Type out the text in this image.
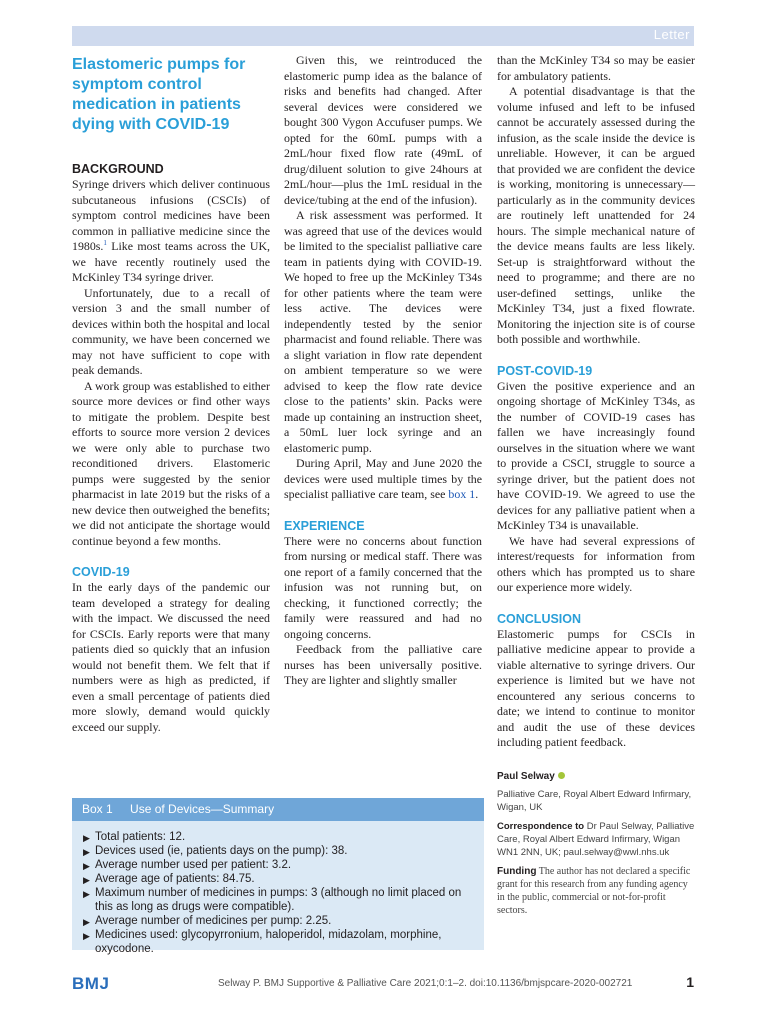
Letter
Elastomeric pumps for symptom control medication in patients dying with COVID-19
BACKGROUND

Syringe drivers which deliver continuous subcutaneous infusions (CSCIs) of symptom control medicines have been common in palliative medicine since the 1980s.$^1$ Like most teams across the UK, we have recently routinely used the McKinley T34 syringe driver.

Unfortunately, due to a recall of version 3 and the small number of devices within both the hospital and local community, we have been concerned we may not have sufficient to cope with peak demands.

A work group was established to either source more devices or find other ways to mitigate the problem. Despite best efforts to source more version 2 devices we were only able to purchase two reconditioned drivers. Elastomeric pumps were suggested by the senior pharmacist in late 2019 but the risks of a new device then outweighed the benefits; we did not anticipate the shortage would continue beyond a few months.

COVID-19

In the early days of the pandemic our team developed a strategy for dealing with the impact. We discussed the need for CSCIs. Early reports were that many patients died so quickly that an infusion would not benefit them. We felt that if numbers were as high as predicted, if even a small percentage of patients died more slowly, demand would quickly exceed our supply.

Given this, we reintroduced the elastomeric pump idea as the balance of risks and benefits had changed. After several devices were considered we bought 300 Vygon Accufuser pumps. We opted for the 60mL pumps with a 2mL/hour fixed flow rate (49mL of drug/diluent solution to give 24hours at 2mL/hour—plus the 1mL residual in the device/tubing at the end of the infusion).

A risk assessment was performed. It was agreed that use of the devices would be limited to the specialist palliative care team in patients dying with COVID-19. We hoped to free up the McKinley T34s for other patients where the team were less active. The devices were independently tested by the senior pharmacist and found reliable. There was a slight variation in flow rate dependent on ambient temperature so we were advised to keep the flow rate device close to the patients’ skin. Packs were made up containing an instruction sheet, a 50mL luer lock syringe and an elastomeric pump.

During April, May and June 2020 the devices were used multiple times by the specialist palliative care team, see box 1.

EXPERIENCE

There were no concerns about function from nursing or medical staff. There was one report of a family concerned that the infusion was not running but, on checking, it functioned correctly; the family were reassured and had no ongoing concerns.

Feedback from the palliative care nurses has been universally positive. They are lighter and slightly smaller

than the McKinley T34 so may be easier for ambulatory patients.

A potential disadvantage is that the volume infused and left to be infused cannot be accurately assessed during the infusion, as the scale inside the device is unreliable. However, it can be argued that provided we are confident the device is working, monitoring is unnecessary—particularly as in the community devices are routinely left unattended for 24 hours. The simple mechanical nature of the device means faults are less likely. Set-up is straightforward without the need to programme; and there are no user-defined settings, unlike the McKinley T34, just a fixed flowrate. Monitoring the injection site is of course both possible and worthwhile.

POST-COVID-19

Given the positive experience and an ongoing shortage of McKinley T34s, as the number of COVID-19 cases has fallen we have increasingly found ourselves in the situation where we want to provide a CSCI, struggle to source a syringe driver, but the patient does not have COVID-19. We agreed to use the devices for any palliative patient when a McKinley T34 is unavailable.

We have had several expressions of interest/requests for information from others which has prompted us to share our experience more widely.

CONCLUSION

Elastomeric pumps for CSCIs in palliative medicine appear to provide a viable alternative to syringe drivers. Our experience is limited but we have not encountered any serious concerns to date; we intend to continue to monitor and audit the use of these devices including patient feedback.

Paul Selway
Palliative Care, Royal Albert Edward Infirmary, Wigan, UK
Correspondence to Dr Paul Selway, Palliative Care, Royal Albert Edward Infirmary, Wigan WN1 2NN, UK; paul.selway@wwl.nhs.uk
Funding The author has not declared a specific grant for this research from any funding agency in the public, commercial or not-for-profit sectors.
Box 1 Use of Devices—Summary
▶ Total patients: 12.
▶ Devices used (ie, patients days on the pump): 38.
▶ Average number used per patient: 3.2.
▶ Average age of patients: 84.75.
▶ Maximum number of medicines in pumps: 3 (although no limit placed on this as long as drugs were compatible).
▶ Average number of medicines per pump: 2.25.
▶ Medicines used: glycopyrronium, haloperidol, midazolam, morphine, oxycodone.
BMJ	Selway P. BMJ Supportive & Palliative Care 2021;0:1–2. doi:10.1136/bmjspcare-2020-002721	1
